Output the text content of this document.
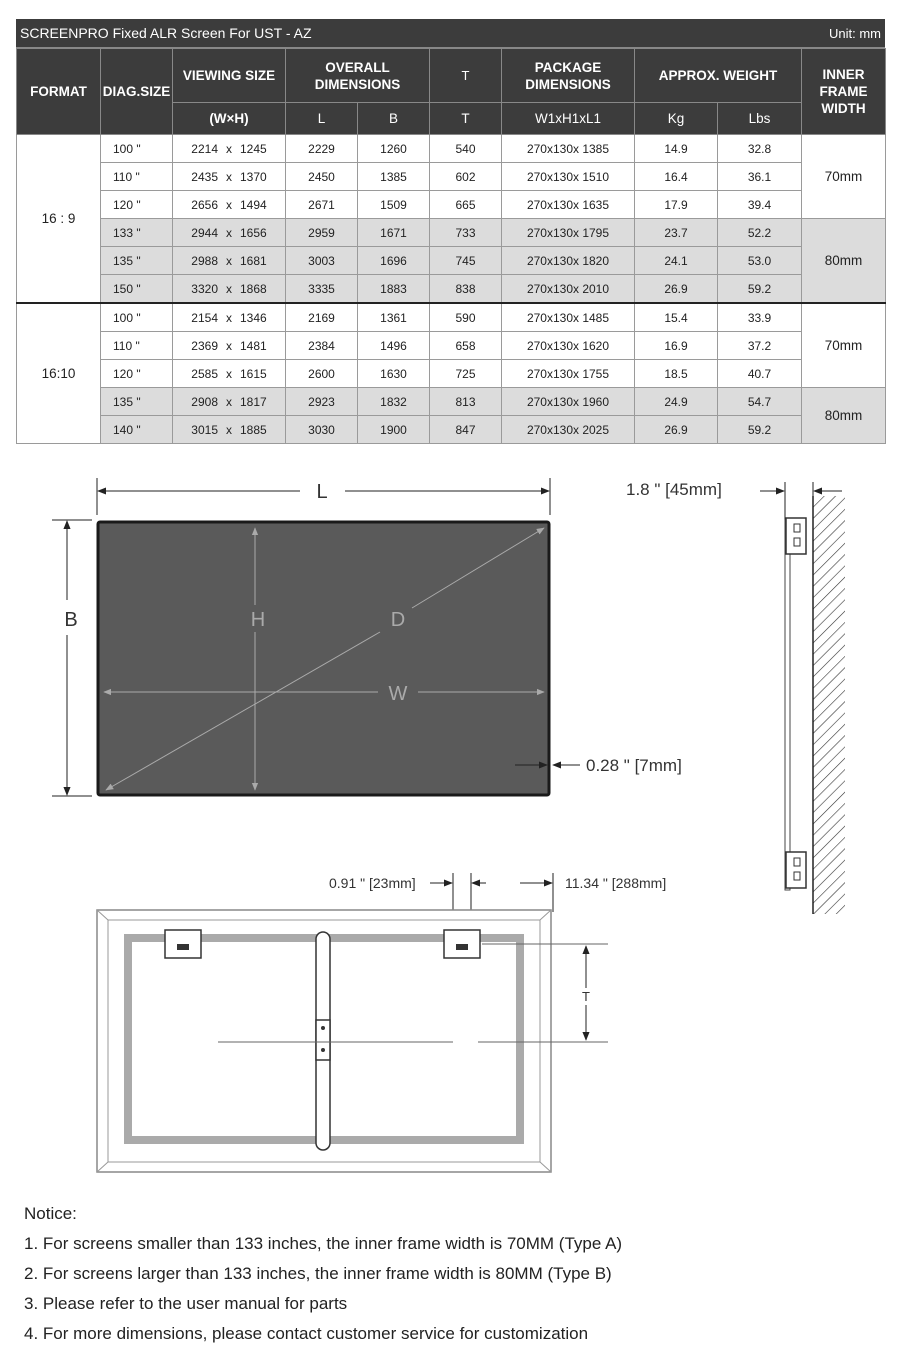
SCREENPRO Fixed ALR Screen For UST - AZ	Unit: mm
FORMAT	DIAG.SIZE	VIEWING SIZE	OVERALL DIMENSIONS		T	PACKAGE DIMENSIONS	APPROX. WEIGHT		INNER FRAME WIDTH
		(W×H)	L	B	T	W1xH1xL1	Kg	Lbs	
16 : 9	100 "	2214 x 1245	2229	1260	540	270x130x 1385	14.9	32.8	70mm
	110 "	2435 x 1370	2450	1385	602	270x130x 1510	16.4	36.1	
	120 "	2656 x 1494	2671	1509	665	270x130x 1635	17.9	39.4	
	133 "	2944 x 1656	2959	1671	733	270x130x 1795	23.7	52.2	80mm
	135 "	2988 x 1681	3003	1696	745	270x130x 1820	24.1	53.0	
	150 "	3320 x 1868	3335	1883	838	270x130x 2010	26.9	59.2	
16:10	100 "	2154 x 1346	2169	1361	590	270x130x 1485	15.4	33.9	70mm
	110 "	2369 x 1481	2384	1496	658	270x130x 1620	16.9	37.2	
	120 "	2585 x 1615	2600	1630	725	270x130x 1755	18.5	40.7	
	135 "	2908 x 1817	2923	1832	813	270x130x 1960	24.9	54.7	80mm
	140 "	3015 x 1885	3030	1900	847	270x130x 2025	26.9	59.2	
L
B	H
W
D
0.28 " [7mm]
1.8 " [45mm]
0.91 " [23mm]	11.34 " [288mm]
T
Notice:
1. For screens smaller than 133 inches, the inner frame width is 70MM (Type A)
2. For screens larger than 133 inches, the inner frame width is 80MM (Type B)
3. Please refer to the user manual for parts
4. For more dimensions, please contact customer service for customization
